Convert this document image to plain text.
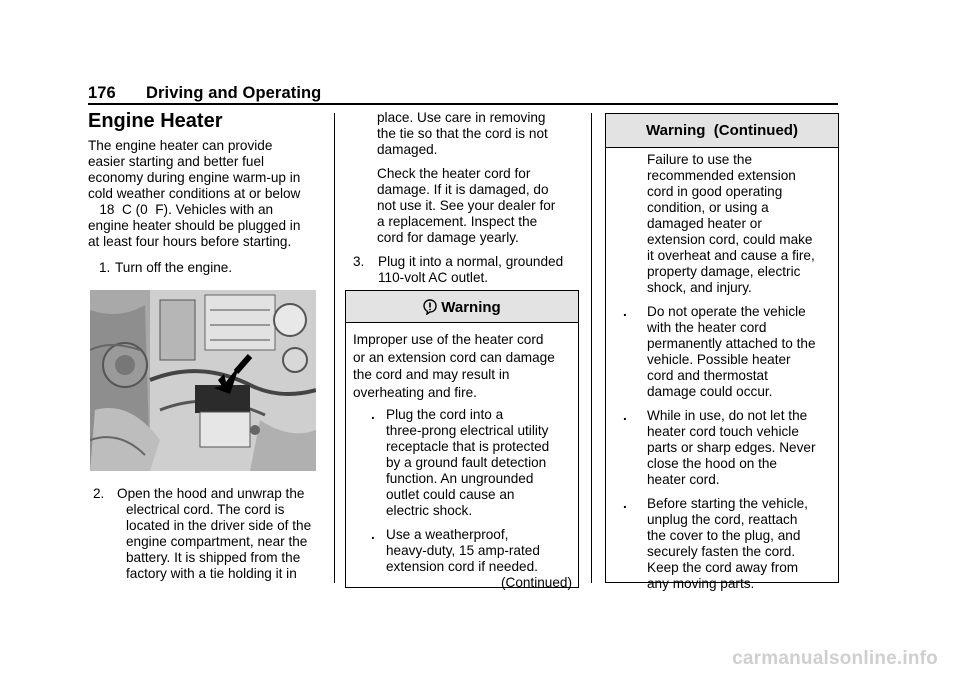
176 Driving and Operating
Engine Heater

The engine heater can provide

easier starting and better fuel

economy during engine warm-up in

cold weather conditions at or below

18  C (0  F). Vehicles with an

engine heater should be plugged in

at least four hours before starting.

1. Turn off the engine.
2. Open the hood and unwrap the

electrical cord. The cord is

located in the driver side of the

engine compartment, near the

battery. It is shipped from the

factory with a tie holding it in

place. Use care in removing

the tie so that the cord is not

damaged.

Check the heater cord for

damage. If it is damaged, do

not use it. See your dealer for

a replacement. Inspect the

cord for damage yearly.

3. Plug it into a normal, grounded

110-volt AC outlet.

Warning

Improper use of the heater cord

or an extension cord can damage

the cord and may result in

overheating and fire.

. Plug the cord into a

three-prong electrical utility

receptacle that is protected

by a ground fault detection

function. An ungrounded

outlet could cause an

electric shock.

. Use a weatherproof,

heavy-duty, 15 amp-rated

extension cord if needed.

(Continued)

Warning  (Continued)

Failure to use the

recommended extension

cord in good operating

condition, or using a

damaged heater or

extension cord, could make

it overheat and cause a fire,

property damage, electric

shock, and injury.

. Do not operate the vehicle

with the heater cord

permanently attached to the

vehicle. Possible heater

cord and thermostat

damage could occur.

. While in use, do not let the

heater cord touch vehicle

parts or sharp edges. Never

close the hood on the

heater cord.

. Before starting the vehicle,

unplug the cord, reattach

the cover to the plug, and

securely fasten the cord.

Keep the cord away from

any moving parts.

carmanualsonline.info
